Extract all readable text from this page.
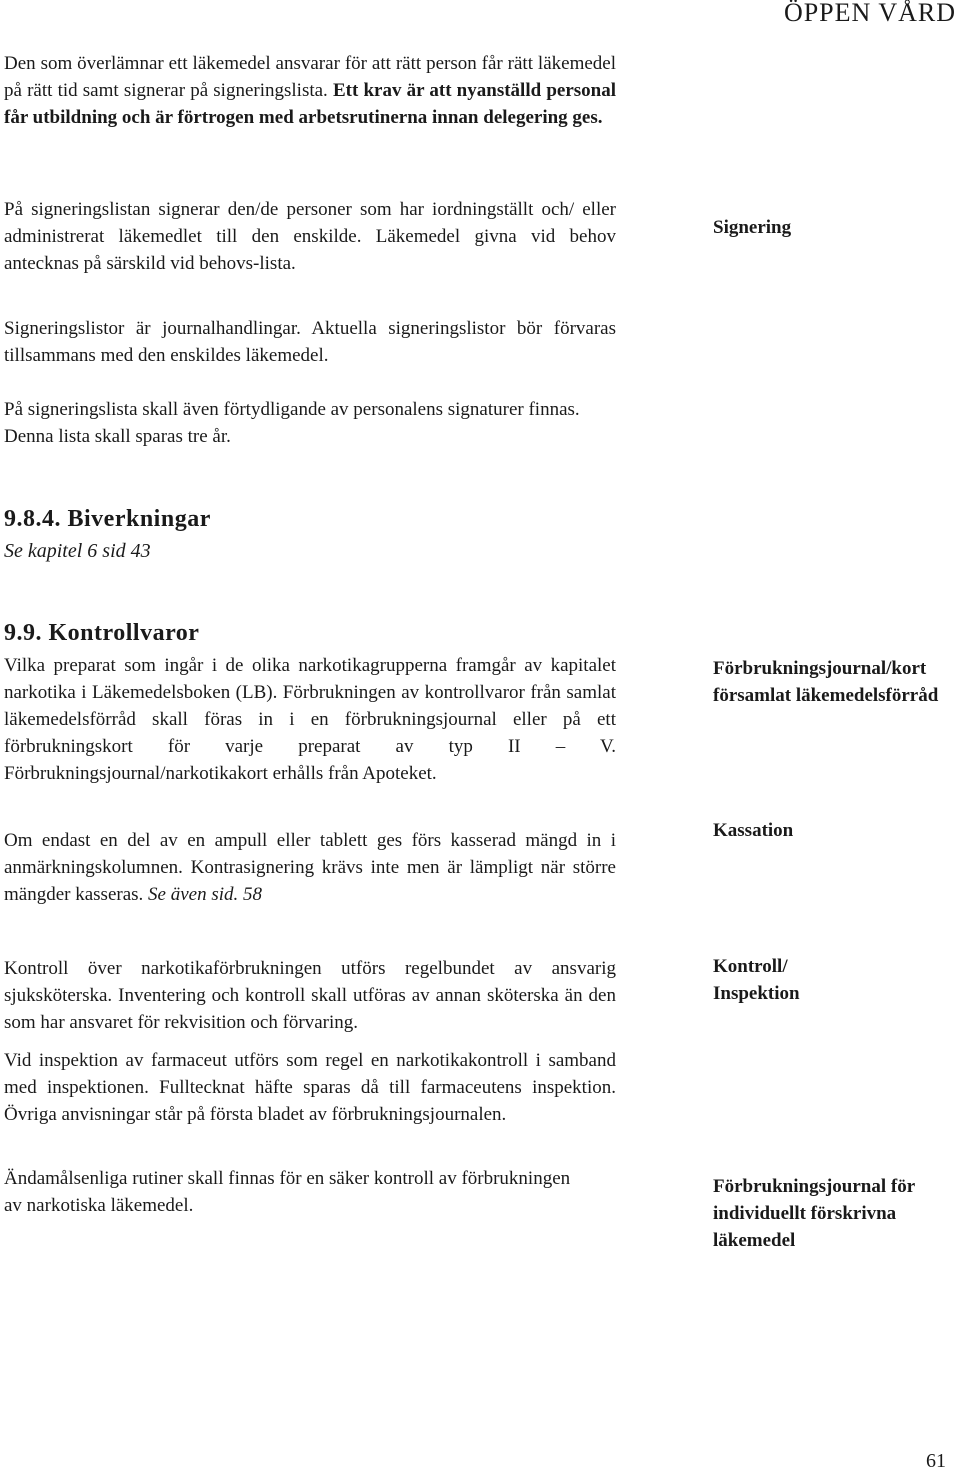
ÖPPEN VÅRD

Den som överlämnar ett läkemedel ansvarar för att rätt person får rätt läkemedel på rätt tid samt signerar på signeringslista. Ett krav är att nyanställd personal får utbildning och är förtrogen med arbetsrutinerna innan delegering ges.

På signeringslistan signerar den/de personer som har iordningställt och/ eller administrerat läkemedlet till den enskilde. Läkemedel givna vid behov antecknas på särskild vid behovs-lista.

Signering

Signeringslistor är journalhandlingar. Aktuella signeringslistor bör förvaras tillsammans med den enskildes läkemedel.

På signeringslista skall även förtydligande av personalens signaturer finnas. Denna lista skall sparas tre år.

9.8.4. Biverkningar

Se kapitel 6 sid 43

9.9. Kontrollvaror

Vilka preparat som ingår i de olika narkotikagrupperna framgår av kapitalet narkotika i Läkemedelsboken (LB). Förbrukningen av kontrollvaror från samlat läkemedelsförråd skall föras in i en förbrukningsjournal eller på ett förbrukningskort för varje preparat av typ II – V. Förbrukningsjournal/narkotikakort erhålls från Apoteket.

Förbrukningsjournal/kort församlat läkemedelsförråd

Om endast en del av en ampull eller tablett ges förs kasserad mängd in i anmärkningskolumnen. Kontrasignering krävs inte men är lämpligt när större mängder kasseras. Se även sid. 58

Kassation

Kontroll över narkotikaförbrukningen utförs regelbundet av ansvarig sjuksköterska. Inventering och kontroll skall utföras av annan sköterska än den som har ansvaret för rekvisition och förvaring.

Kontroll/ Inspektion

Vid inspektion av farmaceut utförs som regel en narkotikakontroll i samband med inspektionen. Fulltecknat häfte sparas då till farmaceutens inspektion. Övriga anvisningar står på första bladet av förbrukningsjournalen.

Ändamålsenliga rutiner skall finnas för en säker kontroll av förbrukningen av narkotiska läkemedel.

Förbrukningsjournal för individuellt förskrivna läkemedel

61
